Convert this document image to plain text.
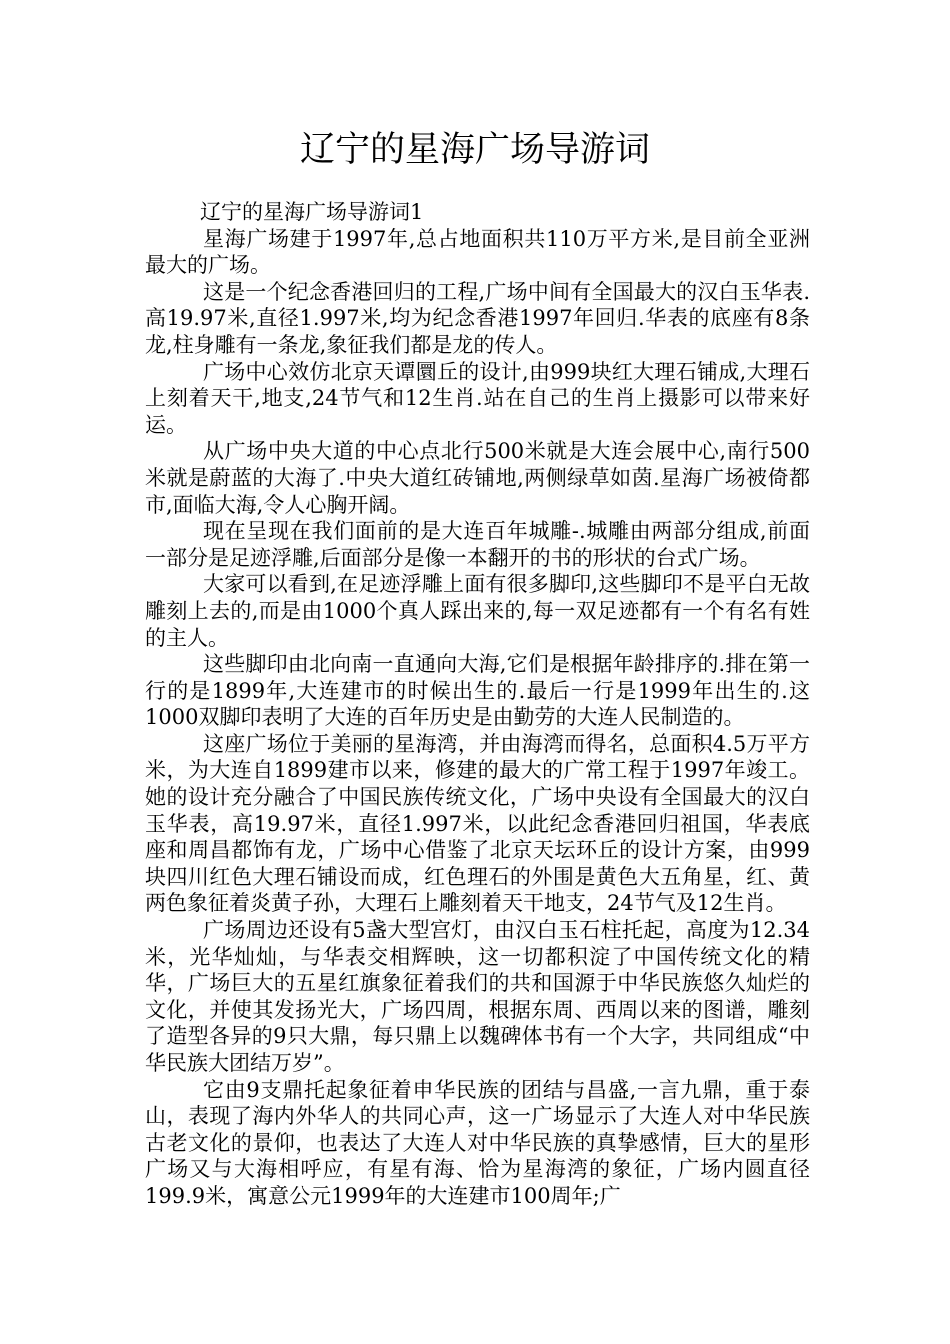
辽宁的星海广场导游词

辽宁的星海广场导游词1

星海广场建于1997年,总占地面积共110万平方米,是目前全亚洲最大的广场。

这是一个纪念香港回归的工程,广场中间有全国最大的汉白玉华表.高19.97米,直径1.997米,均为纪念香港1997年回归.华表的底座有8条龙,柱身雕有一条龙,象征我们都是龙的传人。

广场中心效仿北京天谭圜丘的设计,由999块红大理石铺成,大理石上刻着天干,地支,24节气和12生肖.站在自己的生肖上摄影可以带来好运。

从广场中央大道的中心点北行500米就是大连会展中心,南行500米就是蔚蓝的大海了.中央大道红砖铺地,两侧绿草如茵.星海广场被倚都市,面临大海,令人心胸开阔。

现在呈现在我们面前的是大连百年城雕-.城雕由两部分组成,前面一部分是足迹浮雕,后面部分是像一本翻开的书的形状的台式广场。

大家可以看到,在足迹浮雕上面有很多脚印,这些脚印不是平白无故雕刻上去的,而是由1000个真人踩出来的,每一双足迹都有一个有名有姓的主人。

这些脚印由北向南一直通向大海,它们是根据年龄排序的.排在第一行的是1899年,大连建市的时候出生的.最后一行是1999年出生的.这1000双脚印表明了大连的百年历史是由勤劳的大连人民制造的。

这座广场位于美丽的星海湾，并由海湾而得名，总面积4.5万平方米，为大连自1899建市以来，修建的最大的广常工程于1997年竣工。她的设计充分融合了中国民族传统文化，广场中央设有全国最大的汉白玉华表，高19.97米，直径1.997米，以此纪念香港回归祖国，华表底座和周昌都饰有龙，广场中心借鉴了北京天坛环丘的设计方案，由999块四川红色大理石铺设而成，红色理石的外围是黄色大五角星，红、黄两色象征着炎黄子孙，大理石上雕刻着天干地支，24节气及12生肖。

广场周边还设有5盏大型宫灯，由汉白玉石柱托起，高度为12.34米，光华灿灿，与华表交相辉映，这一切都积淀了中国传统文化的精华，广场巨大的五星红旗象征着我们的共和国源于中华民族悠久灿烂的文化，并使其发扬光大，广场四周，根据东周、西周以来的图谱，雕刻了造型各异的9只大鼎，每只鼎上以魏碑体书有一个大字，共同组成“中华民族大团结万岁”。

它由9支鼎托起象征着申华民族的团结与昌盛,一言九鼎，重于泰山，表现了海内外华人的共同心声，这一广场显示了大连人对中华民族古老文化的景仰，也表达了大连人对中华民族的真挚感情，巨大的星形广场又与大海相呼应，有星有海、恰为星海湾的象征，广场内圆直径199.9米，寓意公元1999年的大连建市100周年;广
